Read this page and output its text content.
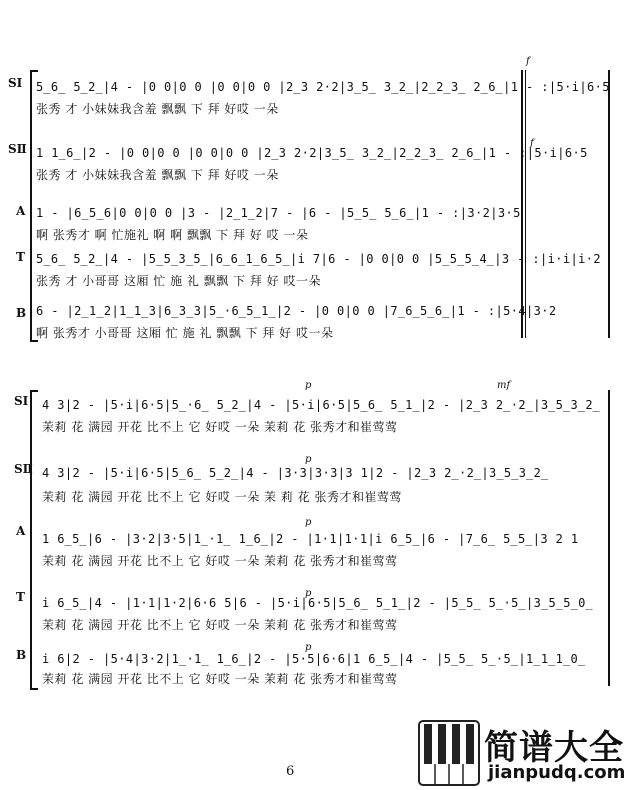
f
f
SⅠ 5̲6̲ 5̲2̲|4 - |0 0|0 0 |0 0|0 0 |2̲3 2·2|3̲5̲ 3̲2̲|2̲2̲3̲ 2̲6̲|1 - :|5·i|6·5
张秀 才 小妹妹我含羞 飘飘 下 拜 好哎 一朵
SⅡ 1 1̲6̲|2 - |0 0|0 0 |0 0|0 0 |2̲3 2·2|3̲5̲ 3̲2̲|2̲2̲3̲ 2̲6̲|1 - :|5·i|6·5
张秀 才 小妹妹我含羞 飘飘 下 拜 好哎 一朵
A 1 - |6̲5̲6|0 0|0 0 |3 - |2̲1̲2|7 - |6 - |5̲5̲ 5̲6̲|1 - :|3·2|3·5
啊 张秀才 啊 忙施礼 啊 啊 飘飘 下 拜 好 哎 一朵
T 5̲6̲ 5̲2̲|4 - |5̲5̲3̲5̲|6̲6̲1̲6̲5̲|i 7|6 - |0 0|0 0 |5̲5̲5̲4̲|3 - :|i·i|i·2
张秀 才 小哥哥 这厢 忙 施 礼 飘飘 下 拜 好 哎一朵
B 6 - |2̲1̲2|1̲1̲3|6̲3̲3|5̲·6̲5̲1̲|2 - |0 0|0 0 |7̲6̲5̲6̲|1 - :|5·4|3·2
啊 张秀才 小哥哥 这厢 忙 施 礼 飘飘 下 拜 好 哎一朵
p	mf
p
p
p
p
SⅠ 4 3|2 - |5·i|6·5|5̲·6̲ 5̲2̲|4 - |5·i|6·5|5̲6̲ 5̲1̲|2 - |2̲3 2̲·2̲|3̲5̲3̲2̲
茉莉 花 满园 开花 比不上 它 好哎 一朵 茉莉 花 张秀才和崔莺莺
SⅡ 4 3|2 - |5·i|6·5|5̲6̲ 5̲2̲|4 - |3·3|3·3|3 1|2 - |2̲3 2̲·2̲|3̲5̲3̲2̲
茉莉 花 满园 开花 比不上 它 好哎 一朵 茉 莉 花 张秀才和崔莺莺
A
1 6̲5̲|6 - |3·2|3·5|1̲·1̲ 1̲6̲|2 - |1·1|1·1|i 6̲5̲|6 - |7̲6̲ 5̲5̲|3 2 1
茉莉 花 满园 开花 比不上 它 好哎 一朵 茉莉 花 张秀才和崔莺莺
T i 6̲5̲|4 - |1·1|1·2|6·6 5|6 - |5·i|6·5|5̲6̲ 5̲1̲|2 - |5̲5̲ 5̲·5̲|3̲5̲5̲0̲
茉莉 花 满园 开花 比不上 它 好哎 一朵 茉莉 花 张秀才和崔莺莺
B i 6|2 - |5·4|3·2|1̲·1̲ 1̲6̲|2 - |5·5|6·6|1 6̲5̲|4 - |5̲5̲ 5̲·5̲|1̲1̲1̲0̲
茉莉 花 满园 开花 比不上 它 好哎 一朵 茉莉 花 张秀才和崔莺莺
简谱大全
jianpudq.com
6
